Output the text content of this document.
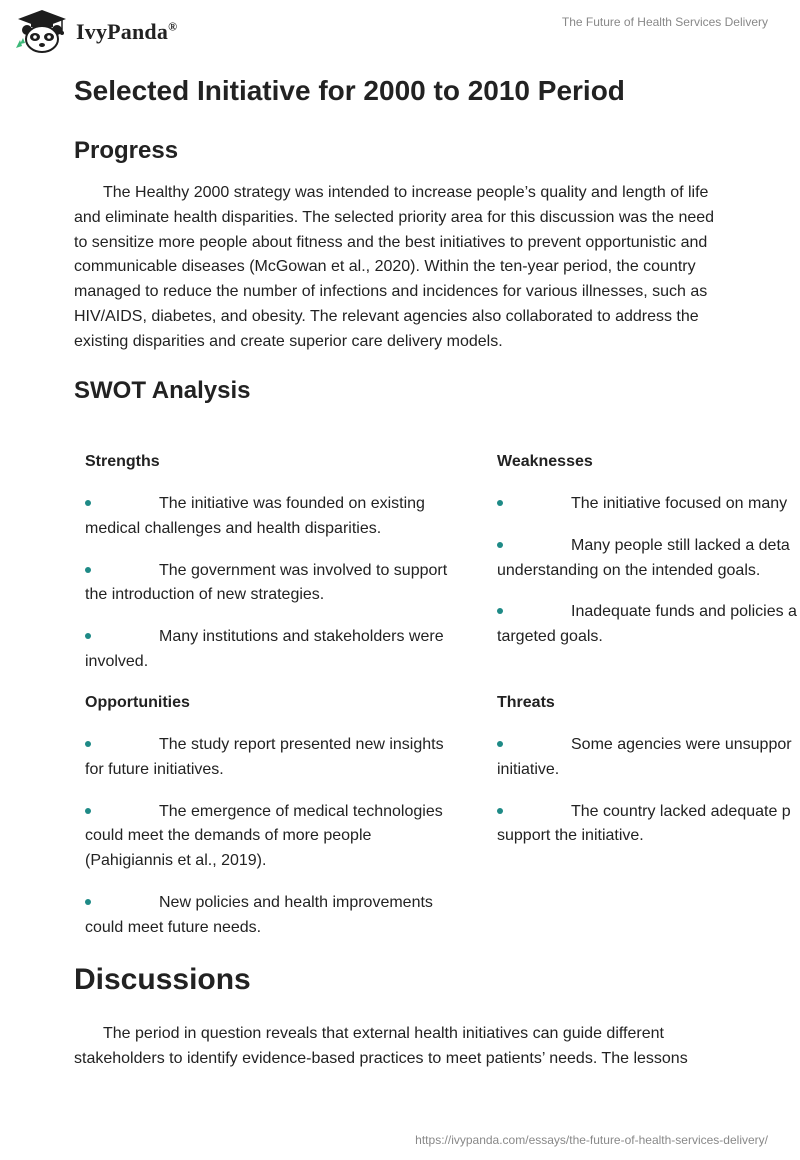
IvyPanda®	The Future of Health Services Delivery
Selected Initiative for 2000 to 2010 Period
Progress

The Healthy 2000 strategy was intended to increase people’s quality and length of life and eliminate health disparities. The selected priority area for this discussion was the need to sensitize more people about fitness and the best initiatives to prevent opportunistic and communicable diseases (McGowan et al., 2020). Within the ten-year period, the country managed to reduce the number of infections and incidences for various illnesses, such as HIV/AIDS, diabetes, and obesity. The relevant agencies also collaborated to address the existing disparities and create superior care delivery models.

SWOT Analysis
Strengths
The initiative was founded on existing
medical challenges and health disparities.
The government was involved to support
the introduction of new strategies.
Many institutions and stakeholders were
involved.
Weaknesses
The initiative focused on many
Many people still lacked a deta
understanding on the intended goals.
Inadequate funds and policies a
targeted goals.
Opportunities
The study report presented new insights
for future initiatives.
The emergence of medical technologies
could meet the demands of more people
(Pahigiannis et al., 2019).
New policies and health improvements
could meet future needs.
Threats
Some agencies were unsuppor
initiative.
The country lacked adequate p
support the initiative.
Discussions

The period in question reveals that external health initiatives can guide different stakeholders to identify evidence-based practices to meet patients’ needs. The lessons

https://ivypanda.com/essays/the-future-of-health-services-delivery/
